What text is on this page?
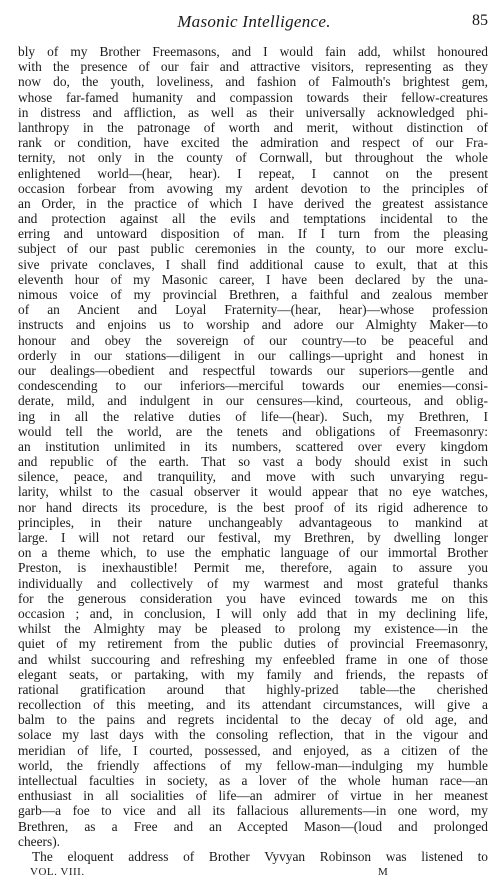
Masonic Intelligence.	85
bly of my Brother Freemasons, and I would fain add, whilst honoured
with the presence of our fair and attractive visitors, representing as they
now do, the youth, loveliness, and fashion of Falmouth's brightest gem,
whose far-famed humanity and compassion towards their fellow-creatures
in distress and affliction, as well as their universally acknowledged phi-
lanthropy in the patronage of worth and merit, without distinction of
rank or condition, have excited the admiration and respect of our Fra-
ternity, not only in the county of Cornwall, but throughout the whole
enlightened world—(hear, hear). I repeat, I cannot on the present
occasion forbear from avowing my ardent devotion to the principles of
an Order, in the practice of which I have derived the greatest assistance
and protection against all the evils and temptations incidental to the
erring and untoward disposition of man. If I turn from the pleasing
subject of our past public ceremonies in the county, to our more exclu-
sive private conclaves, I shall find additional cause to exult, that at this
eleventh hour of my Masonic career, I have been declared by the una-
nimous voice of my provincial Brethren, a faithful and zealous member
of an Ancient and Loyal Fraternity—(hear, hear)—whose profession
instructs and enjoins us to worship and adore our Almighty Maker—to
honour and obey the sovereign of our country—to be peaceful and
orderly in our stations—diligent in our callings—upright and honest in
our dealings—obedient and respectful towards our superiors—gentle and
condescending to our inferiors—merciful towards our enemies—consi-
derate, mild, and indulgent in our censures—kind, courteous, and oblig-
ing in all the relative duties of life—(hear). Such, my Brethren, I
would tell the world, are the tenets and obligations of Freemasonry:
an institution unlimited in its numbers, scattered over every kingdom
and republic of the earth. That so vast a body should exist in such
silence, peace, and tranquility, and move with such unvarying regu-
larity, whilst to the casual observer it would appear that no eye watches,
nor hand directs its procedure, is the best proof of its rigid adherence to
principles, in their nature unchangeably advantageous to mankind at
large. I will not retard our festival, my Brethren, by dwelling longer
on a theme which, to use the emphatic language of our immortal Brother
Preston, is inexhaustible! Permit me, therefore, again to assure you
individually and collectively of my warmest and most grateful thanks
for the generous consideration you have evinced towards me on this
occasion ; and, in conclusion, I will only add that in my declining life,
whilst the Almighty may be pleased to prolong my existence—in the
quiet of my retirement from the public duties of provincial Freemasonry,
and whilst succouring and refreshing my enfeebled frame in one of those
elegant seats, or partaking, with my family and friends, the repasts of
rational gratification around that highly-prized table—the cherished
recollection of this meeting, and its attendant circumstances, will give a
balm to the pains and regrets incidental to the decay of old age, and
solace my last days with the consoling reflection, that in the vigour and
meridian of life, I courted, possessed, and enjoyed, as a citizen of the
world, the friendly affections of my fellow-man—indulging my humble
intellectual faculties in society, as a lover of the whole human race—an
enthusiast in all socialities of life—an admirer of virtue in her meanest
garb—a foe to vice and all its fallacious allurements—in one word, my
Brethren, as a Free and an Accepted Mason—(loud and prolonged
cheers).
The eloquent address of Brother Vyvyan Robinson was listened to
VOL. VIII.	M
